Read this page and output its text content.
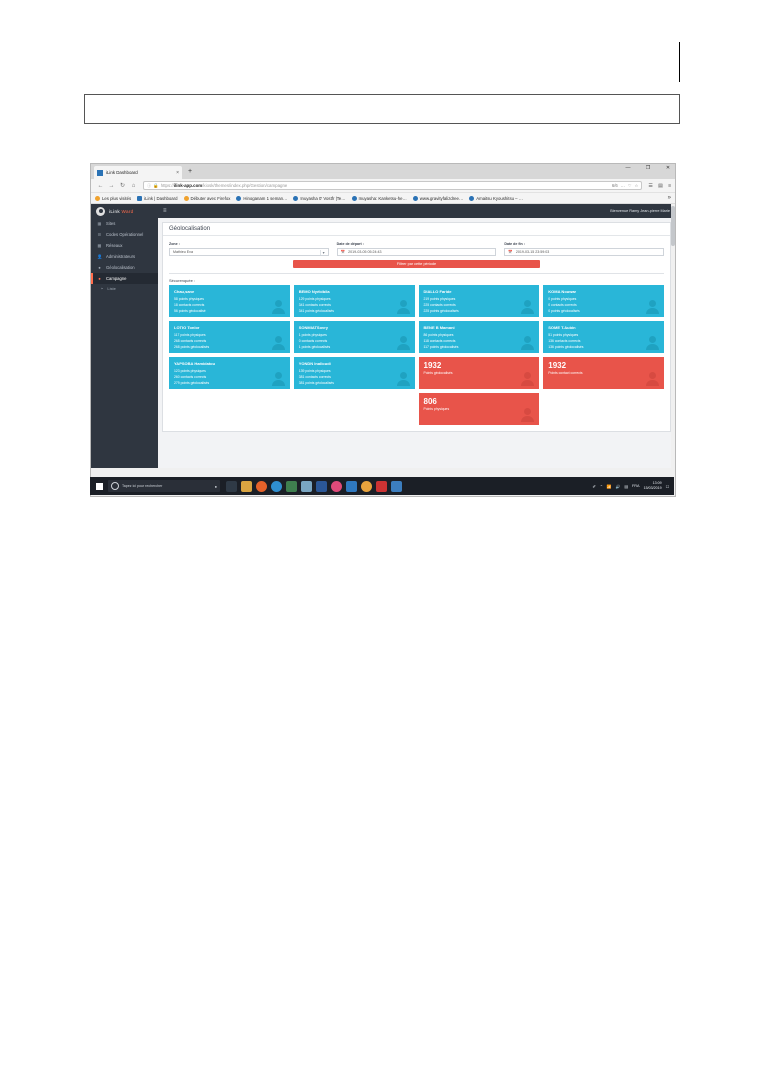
iLink Dashboard	× +	—	❐	✕
← → ↻	⌂	ⓘ 🔒 https://ilink-app.com/kiosk/themes/index.php/Gestion/campagne	6/6 … ♡ ☆ ☰ ▤ ≡
Les plus visités	iLink | Dashboard	Débuter avec Firefox	Hinoganam 1 seman…	Inuyasha 0' Vostfr |Te…	Inuyasha: Kanketsu-he…	www.gravityfalizdree…	Amaitsu Kyoushitsu – …	»
iLink Ward
▦ Sites
☰ Codes Opérationnel
▩ Réseaux
👤 Administrateurs
● Géolocalisation
● Campagne
‣ Liste
≡	Bienvenue Ramy Jean-pierre Marie
Géolocalisation
Zone :
Mathieu Eva	▾
Date de départ :
📅 2019-03-05 05:24:43
Date de fin :
📅 2019-03-15 23:59:03
Filtrer par cette période
Sécurenquée :
Chau,sane
58 points physiques
18 contacts corrects
56 points géolocalisé
BEMO Nyébibila
129 points physiques
341 contacts corrects
341 points géolocalisés
DIALLO Faride
219 points physiques
225 contacts corrects
225 points géolocalisés
KOMA Nouwar
0 points physiques
0 contacts corrects
0 points géolocalisés
LOTIO Tonlor
117 points physiques
268 contacts corrects
268 points géolocalisés
SONMIATSovry
1 points physiques
0 contacts corrects
1 points géolocalisés
BENE B Mamani
86 points physiques
118 contacts corrects
117 points géolocalisés
SOME T.Aubin
51 points physiques
136 contacts corrects
136 points géolocalisés
YAPSOBA Hamidatou
123 points physiques
260 contacts corrects
279 points géolocalisés
YONDN Inalloudi
139 points physiques
381 contacts corrects
381 points géolocalisés
1932
Points géolocalisés
1932
Points contact corrects
806
Points physiques
Tapez ici pour rechercher	●	✐ ⌃ 📶 🔊 ▤ FRA
13:09
15/03/2019 ☐
